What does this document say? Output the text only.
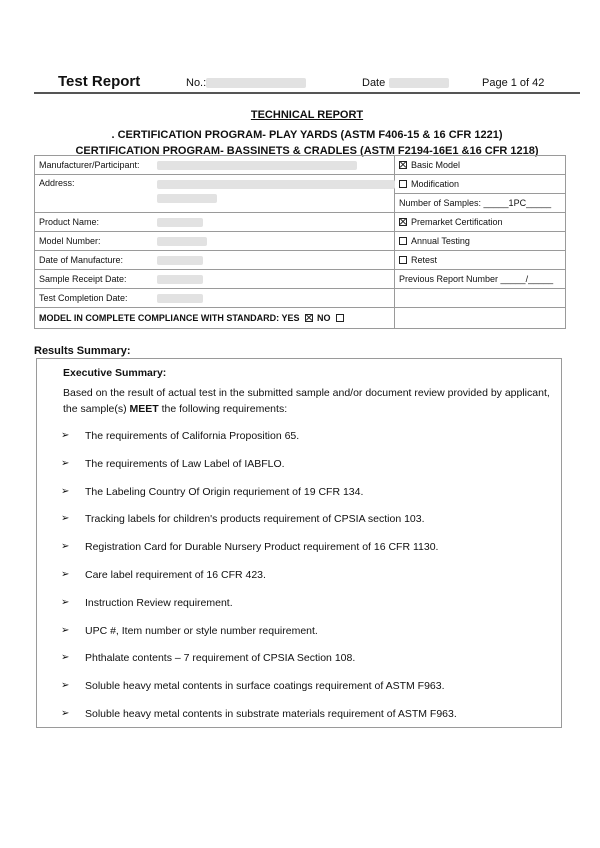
Test Report	No.:	Date	Page 1 of 42
TECHNICAL REPORT
. CERTIFICATION PROGRAM- PLAY YARDS (ASTM F406-15 & 16 CFR 1221)
CERTIFICATION PROGRAM- BASSINETS & CRADLES (ASTM F2194-16E1 &16 CFR 1218)
Manufacturer/Participant:		Basic Model
Address:		Modification
		Number of Samples: _____1PC_____
Product Name:		Premarket Certification
Model Number:		Annual Testing
Date of Manufacture:		Retest
Sample Receipt Date:		Previous Report Number _____/_____
Test Completion Date:		
MODEL IN COMPLETE COMPLIANCE WITH STANDARD: YES NO		
Results Summary:
Executive Summary:
Based on the result of actual test in the submitted sample and/or document review provided by applicant, the sample(s) MEET the following requirements:
➢ The requirements of California Proposition 65.
➢ The requirements of Law Label of IABFLO.
➢ The Labeling Country Of Origin requriement of 19 CFR 134.
➢ Tracking labels for children's products requirement of CPSIA section 103.
➢ Registration Card for Durable Nursery Product requirement of 16 CFR 1130.
➢ Care label requirement of 16 CFR 423.
➢ Instruction Review requirement.
➢ UPC #, Item number or style number requirement.
➢ Phthalate contents – 7 requirement of CPSIA Section 108.
➢ Soluble heavy metal contents in surface coatings requirement of ASTM F963.
➢ Soluble heavy metal contents in substrate materials requirement of ASTM F963.
